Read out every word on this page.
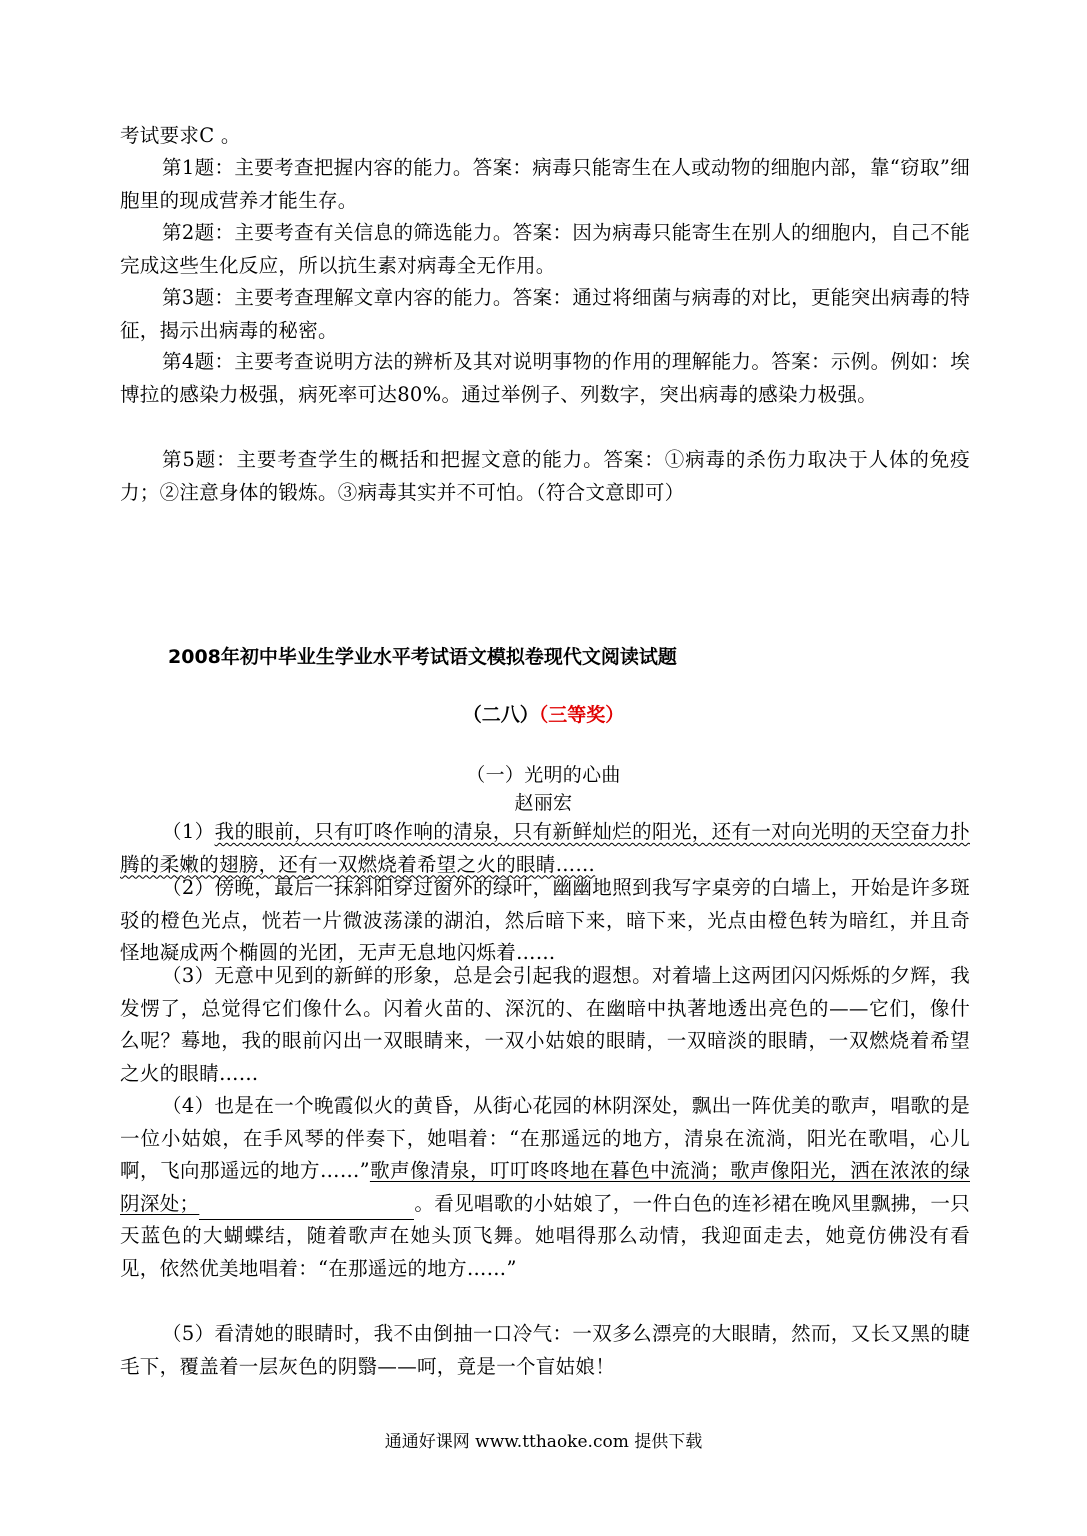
考试要求C 。

第1题：主要考查把握内容的能力。答案：病毒只能寄生在人或动物的细胞内部，靠“窃取”细胞里的现成营养才能生存。

第2题：主要考查有关信息的筛选能力。答案：因为病毒只能寄生在别人的细胞内，自己不能完成这些生化反应，所以抗生素对病毒全无作用。

第3题：主要考查理解文章内容的能力。答案：通过将细菌与病毒的对比，更能突出病毒的特征，揭示出病毒的秘密。

第4题：主要考查说明方法的辨析及其对说明事物的作用的理解能力。答案：示例。例如：埃博拉的感染力极强，病死率可达80%。通过举例子、列数字，突出病毒的感染力极强。

第5题：主要考查学生的概括和把握文意的能力。答案：①病毒的杀伤力取决于人体的免疫力；②注意身体的锻炼。③病毒其实并不可怕。（符合文意即可）

2008年初中毕业生学业水平考试语文模拟卷现代文阅读试题

（二八）（三等奖）

（一）光明的心曲

赵丽宏

（1）我的眼前，只有叮咚作响的清泉，只有新鲜灿烂的阳光，还有一对向光明的天空奋力扑腾的柔嫩的翅膀，还有一双燃烧着希望之火的眼睛……

（2）傍晚，最后一抹斜阳穿过窗外的绿叶，幽幽地照到我写字桌旁的白墙上，开始是许多斑驳的橙色光点，恍若一片微波荡漾的湖泊，然后暗下来，暗下来，光点由橙色转为暗红，并且奇怪地凝成两个椭圆的光团，无声无息地闪烁着……

（3）无意中见到的新鲜的形象，总是会引起我的遐想。对着墙上这两团闪闪烁烁的夕辉，我发愣了，总觉得它们像什么。闪着火苗的、深沉的、在幽暗中执著地透出亮色的——它们，像什么呢？蓦地，我的眼前闪出一双眼睛来，一双小姑娘的眼睛，一双暗淡的眼睛，一双燃烧着希望之火的眼睛……

（4）也是在一个晚霞似火的黄昏，从街心花园的林阴深处，飘出一阵优美的歌声，唱歌的是一位小姑娘，在手风琴的伴奏下，她唱着：“在那遥远的地方，清泉在流淌，阳光在歌唱，心儿啊，飞向那遥远的地方……”歌声像清泉，叮叮咚咚地在暮色中流淌；歌声像阳光，洒在浓浓的绿阴深处；	。看见唱歌的小姑娘了，一件白色的连衫裙在晚风里飘拂，一只天蓝色的大蝴蝶结，随着歌声在她头顶飞舞。她唱得那么动情，我迎面走去，她竟仿佛没有看见，依然优美地唱着：“在那遥远的地方……”

（5）看清她的眼睛时，我不由倒抽一口冷气：一双多么漂亮的大眼睛，然而，又长又黑的睫毛下，覆盖着一层灰色的阴翳——呵，竟是一个盲姑娘！

通通好课网 www.tthaoke.com 提供下载
